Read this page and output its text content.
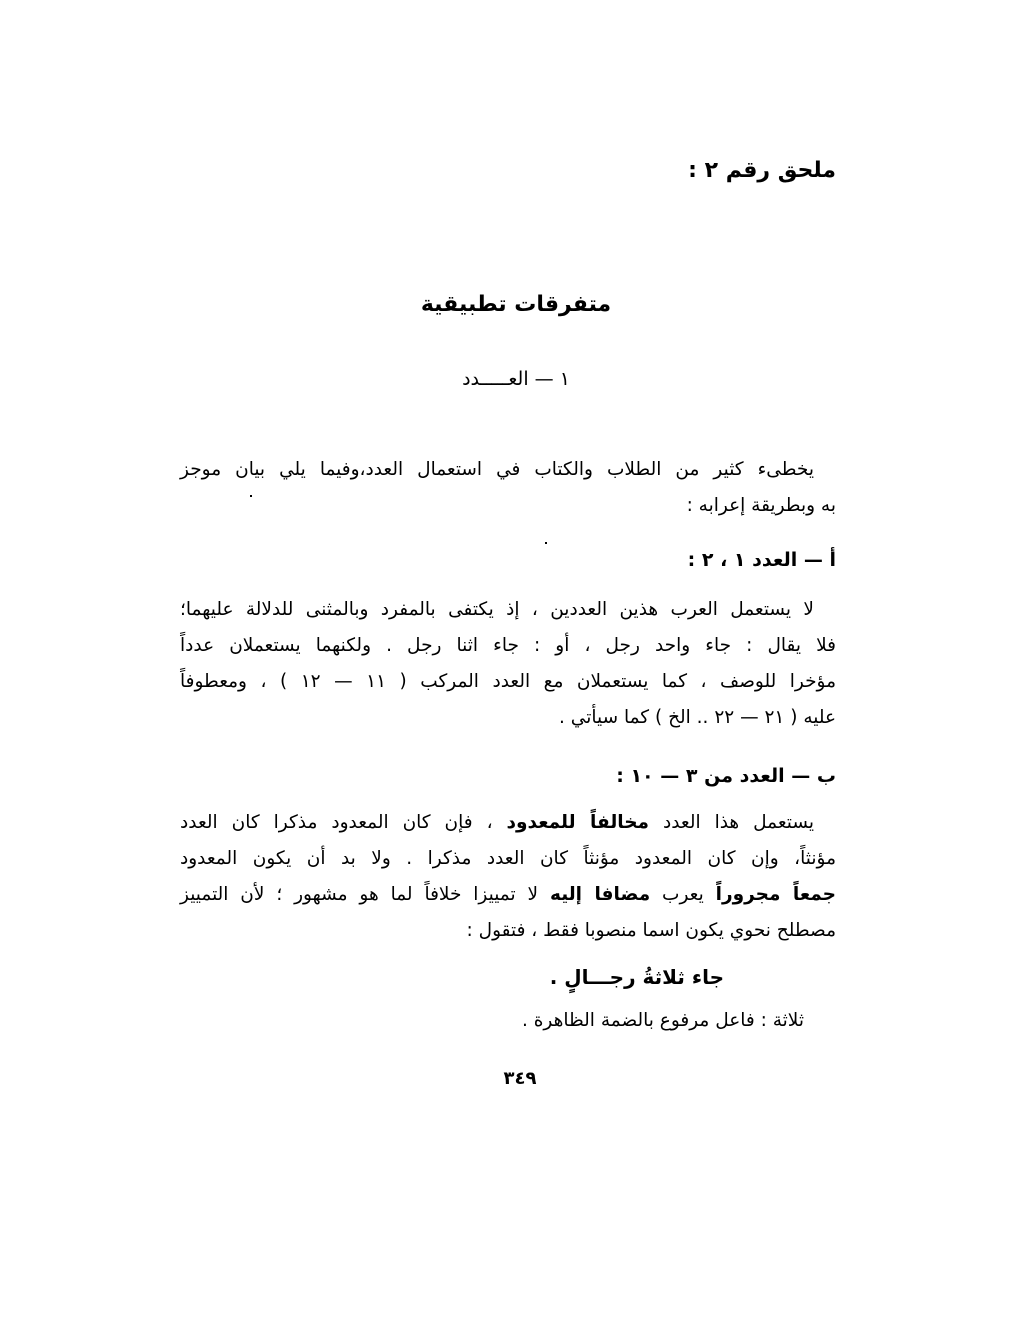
ملحق رقم ٢ :
متفرقات تطبيقية
١ — العـــــدد
يخطىء كثير من الطلاب والكتاب في استعمال العدد،وفيما يلي بيان موجز
به وبطريقة إعرابه :
أ — العدد ١ ، ٢ :
لا يستعمل العرب هذين العددين ، إذ يكتفى بالمفرد وبالمثنى للدلالة عليهما؛
فلا يقال : جاء واحد رجل ، أو : جاء اثنا رجل . ولكنهما يستعملان عدداً
مؤخرا للوصف ، كما يستعملان مع العدد المركب ( ١١ — ١٢ ) ، ومعطوفاً
عليه ( ٢١ — ٢٢ .. الخ ) كما سيأتي .
ب — العدد من ٣ — ١٠ :
يستعمل هذا العدد مخالفاً للمعدود ، فإن كان المعدود مذكرا كان العدد
مؤنثاً، وإن كان المعدود مؤنثاً كان العدد مذكرا . ولا بد أن يكون المعدود
جمعاً مجروراً يعرب مضافا إليه لا تمييزا خلافاً لما هو مشهور ؛ لأن التمييز
مصطلح نحوي يكون اسما منصوبا فقط ، فتقول :
جاء ثلاثةُ رجـــالٍ .
ثلاثة : فاعل مرفوع بالضمة الظاهرة .
٣٤٩
